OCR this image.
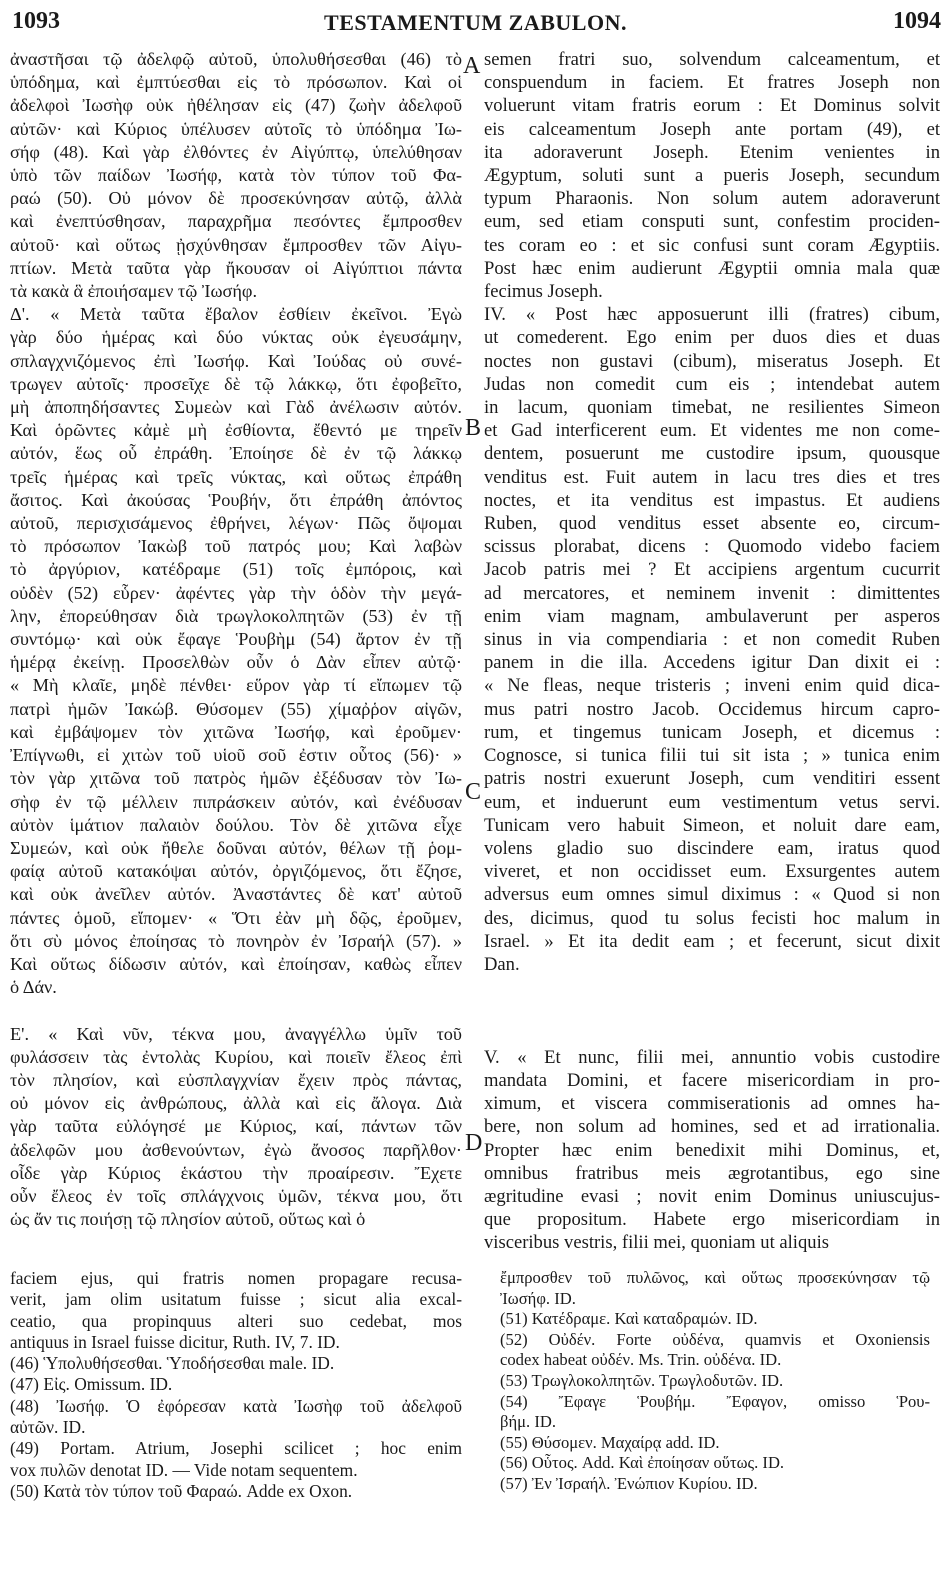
1093	TESTAMENTUM ZABULON.	1094
A
B
C
D
ἀναστῆσαι τῷ ἀδελφῷ αὐτοῦ, ὑπολυθήσεσθαι (46) τὸ
ὑπόδημα, καὶ ἐμπτύεσθαι εἰς τὸ πρόσωπον. Καὶ οἱ
ἀδελφοὶ Ἰωσὴφ οὐκ ἠθέλησαν εἰς (47) ζωὴν ἀδελφοῦ
αὐτῶν· καὶ Κύριος ὑπέλυσεν αὐτοῖς τὸ ὑπόδημα Ἰω-
σήφ (48). Καὶ γὰρ ἐλθόντες ἐν Αἰγύπτῳ, ὑπελύθησαν
ὑπὸ τῶν παίδων Ἰωσήφ, κατὰ τὸν τύπον τοῦ Φα-
ραώ (50). Οὐ μόνον δὲ προσεκύνησαν αὐτῷ, ἀλλὰ
καὶ ἐνεπτύσθησαν, παραχρῆμα πεσόντες ἔμπροσθεν
αὐτοῦ· καὶ οὕτως ᾐσχύνθησαν ἔμπροσθεν τῶν Αἰγυ-
πτίων. Μετὰ ταῦτα γὰρ ἤκουσαν οἱ Αἰγύπτιοι πάντα
τὰ κακὰ ἃ ἐποιήσαμεν τῷ Ἰωσήφ.
Δ'. « Μετὰ ταῦτα ἔβαλον ἐσθίειν ἐκεῖνοι. Ἐγὼ
γὰρ δύο ἡμέρας καὶ δύο νύκτας οὐκ ἐγευσάμην,
σπλαγχνιζόμενος ἐπὶ Ἰωσήφ. Καὶ Ἰούδας οὐ συνέ-
τρωγεν αὐτοῖς· προσεῖχε δὲ τῷ λάκκῳ, ὅτι ἐφοβεῖτο,
μὴ ἀποπηδήσαντες Συμεὼν καὶ Γὰδ ἀνέλωσιν αὐτόν.
Καὶ ὁρῶντες κἀμὲ μὴ ἐσθίοντα, ἔθεντό με τηρεῖν
αὐτόν, ἕως οὗ ἐπράθη. Ἐποίησε δὲ ἐν τῷ λάκκῳ
τρεῖς ἡμέρας καὶ τρεῖς νύκτας, καὶ οὕτως ἐπράθη
ἄσιτος. Καὶ ἀκούσας Ῥουβήν, ὅτι ἐπράθη ἀπόντος
αὐτοῦ, περισχισάμενος ἐθρήνει, λέγων· Πῶς ὄψομαι
τὸ πρόσωπον Ἰακὼβ τοῦ πατρός μου; Καὶ λαβὼν
τὸ ἀργύριον, κατέδραμε (51) τοῖς ἐμπόροις, καὶ
οὐδὲν (52) εὗρεν· ἀφέντες γὰρ τὴν ὁδὸν τὴν μεγά-
λην, ἐπορεύθησαν διὰ τρωγλοκολπητῶν (53) ἐν τῇ
συντόμῳ· καὶ οὐκ ἔφαγε Ῥουβὴμ (54) ἄρτον ἐν τῇ
ἡμέρᾳ ἐκείνῃ. Προσελθὼν οὖν ὁ Δὰν εἶπεν αὐτῷ·
« Μὴ κλαῖε, μηδὲ πένθει· εὕρον γὰρ τί εἴπωμεν τῷ
πατρὶ ἡμῶν Ἰακώβ. Θύσομεν (55) χίμαῤῥον αἰγῶν,
καὶ ἐμβάψομεν τὸν χιτῶνα Ἰωσήφ, καὶ ἐροῦμεν·
Ἐπίγνωθι, εἰ χιτὼν τοῦ υἱοῦ σοῦ ἐστιν οὗτος (56)· »
τὸν γὰρ χιτῶνα τοῦ πατρὸς ἡμῶν ἐξέδυσαν τὸν Ἰω-
σὴφ ἐν τῷ μέλλειν πιπράσκειν αὐτόν, καὶ ἐνέδυσαν
αὐτὸν ἱμάτιον παλαιὸν δούλου. Τὸν δὲ χιτῶνα εἶχε
Συμεών, καὶ οὐκ ἤθελε δοῦναι αὐτόν, θέλων τῇ ῥομ-
φαίᾳ αὐτοῦ κατακόψαι αὐτόν, ὀργιζόμενος, ὅτι ἔζησε,
καὶ οὐκ ἀνεῖλεν αὐτόν. Ἀναστάντες δὲ κατ' αὐτοῦ
πάντες ὁμοῦ, εἴπομεν· « Ὅτι ἐὰν μὴ δῷς, ἐροῦμεν,
ὅτι σὺ μόνος ἐποίησας τὸ πονηρὸν ἐν Ἰσραήλ (57). »
Καὶ οὕτως δίδωσιν αὐτόν, καὶ ἐποίησαν, καθὼς εἶπεν
ὁ Δάν.

Ε'. « Καὶ νῦν, τέκνα μου, ἀναγγέλλω ὑμῖν τοῦ
φυλάσσειν τὰς ἐντολὰς Κυρίου, καὶ ποιεῖν ἔλεος ἐπὶ
τὸν πλησίον, καὶ εὐσπλαγχνίαν ἔχειν πρὸς πάντας,
οὐ μόνον εἰς ἀνθρώπους, ἀλλὰ καὶ εἰς ἄλογα. Διὰ
γὰρ ταῦτα εὐλόγησέ με Κύριος, καί, πάντων τῶν
ἀδελφῶν μου ἀσθενούντων, ἐγὼ ἄνοσος παρῆλθον·
οἶδε γὰρ Κύριος ἑκάστου τὴν προαίρεσιν. Ἔχετε
οὖν ἔλεος ἐν τοῖς σπλάγχνοις ὑμῶν, τέκνα μου, ὅτι
ὡς ἄν τις ποιήσῃ τῷ πλησίον αὐτοῦ, οὕτως καὶ ὁ
semen fratri suo, solvendum calceamentum, et
conspuendum in faciem. Et fratres Joseph non
voluerunt vitam fratris eorum : Et Dominus solvit
eis calceamentum Joseph ante portam (49), et
ita adoraverunt Joseph. Etenim venientes in
Ægyptum, soluti sunt a pueris Joseph, secundum
typum Pharaonis. Non solum autem adoraverunt
eum, sed etiam consputi sunt, confestim prociden-
tes coram eo : et sic confusi sunt coram Ægyptiis.
Post hæc enim audierunt Ægyptii omnia mala quæ
fecimus Joseph.
IV. « Post hæc apposuerunt illi (fratres) cibum,
ut comederent. Ego enim per duos dies et duas
noctes non gustavi (cibum), miseratus Joseph. Et
Judas non comedit cum eis ; intendebat autem
in lacum, quoniam timebat, ne resilientes Simeon
et Gad interficerent eum. Et videntes me non come-
dentem, posuerunt me custodire ipsum, quousque
venditus est. Fuit autem in lacu tres dies et tres
noctes, et ita venditus est impastus. Et audiens
Ruben, quod venditus esset absente eo, circum-
scissus plorabat, dicens : Quomodo videbo faciem
Jacob patris mei ? Et accipiens argentum cucurrit
ad mercatores, et neminem invenit : dimittentes
enim viam magnam, ambulaverunt per asperos
sinus in via compendiaria : et non comedit Ruben
panem in die illa. Accedens igitur Dan dixit ei :
« Ne fleas, neque tristeris ; inveni enim quid dica-
mus patri nostro Jacob. Occidemus hircum capro-
rum, et tingemus tunicam Joseph, et dicemus :
Cognosce, si tunica filii tui sit ista ; » tunica enim
patris nostri exuerunt Joseph, cum venditiri essent
eum, et induerunt eum vestimentum vetus servi.
Tunicam vero habuit Simeon, et noluit dare eam,
volens gladio suo discindere eam, iratus quod
viveret, et non occidisset eum. Exsurgentes autem
adversus eum omnes simul diximus : « Quod si non
des, dicimus, quod tu solus fecisti hoc malum in
Israel. » Et ita dedit eam ; et fecerunt, sicut dixit
Dan.

V. « Et nunc, filii mei, annuntio vobis custodire
mandata Domini, et facere misericordiam in pro-
ximum, et viscera commiserationis ad omnes ha-
bere, non solum ad homines, sed et ad irrationalia.
Propter hæc enim benedixit mihi Dominus, et,
omnibus fratribus meis ægrotantibus, ego sine
ægritudine evasi ; novit enim Dominus uniuscujus-
que propositum. Habete ergo misericordiam in
visceribus vestris, filii mei, quoniam ut aliquis
faciem ejus, qui fratris nomen propagare recusa-
verit, jam olim usitatum fuisse ; sicut alia excal-
ceatio, qua propinquus alteri suo cedebat, mos
antiquus in Israel fuisse dicitur, Ruth. IV, 7. ID.
(46) Ὑπολυθήσεσθαι. Ὑποδήσεσθαι male. ID.
(47) Εἰς. Omissum. ID.
(48) Ἰωσήφ. Ὁ ἐφόρεσαν κατὰ Ἰωσὴφ τοῦ ἀδελφοῦ
αὐτῶν. ID.
(49) Portam. Atrium, Josephi scilicet ; hoc enim
vox πυλῶν denotat ID. — Vide notam sequentem.
(50) Κατὰ τὸν τύπον τοῦ Φαραώ. Adde ex Oxon.
ἔμπροσθεν τοῦ πυλῶνος, καὶ οὕτως προσεκύνησαν τῷ
Ἰωσήφ. ID.
(51) Κατέδραμε. Καὶ καταδραμών. ID.
(52) Οὐδέν. Forte οὐδένα, quamvis et Oxoniensis
codex habeat οὐδέν. Ms. Trin. οὐδένα. ID.
(53) Τρωγλοκολπητῶν. Τρωγλοδυτῶν. ID.
(54) Ἔφαγε Ῥουβήμ. Ἔφαγον, omisso Ῥου-
βήμ. ID.
(55) Θύσομεν. Μαχαίρᾳ add. ID.
(56) Οὗτος. Add. Καὶ ἐποίησαν οὕτως. ID.
(57) Ἐν Ἰσραήλ. Ἐνώπιον Κυρίου. ID.
